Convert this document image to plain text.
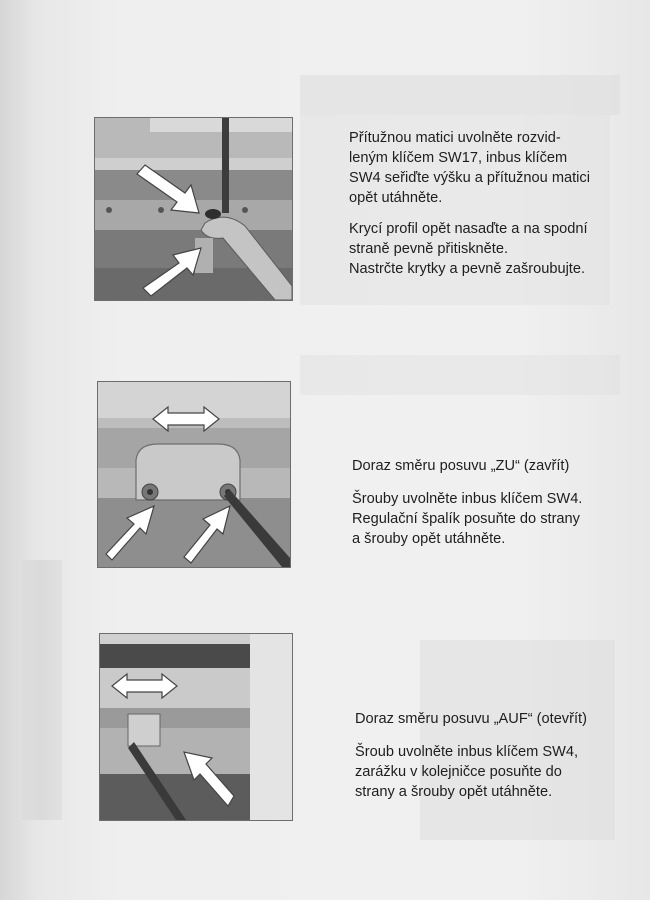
Přítužnou matici uvolněte rozvid-
leným klíčem SW17, inbus klíčem
SW4 seřiďte výšku a přítužnou matici
opět utáhněte.

Krycí profil opět nasaďte a na spodní
straně pevně přitiskněte.
Nastrčte krytky a pevně zašroubujte.

Doraz směru posuvu „ZU“ (zavřít)

Šrouby uvolněte inbus klíčem SW4.
Regulační špalík posuňte do strany
a šrouby opět utáhněte.

Doraz směru posuvu „AUF“ (otevřít)

Šroub uvolněte inbus klíčem SW4,
zarážku v kolejničce posuňte do
strany a šrouby opět utáhněte.
